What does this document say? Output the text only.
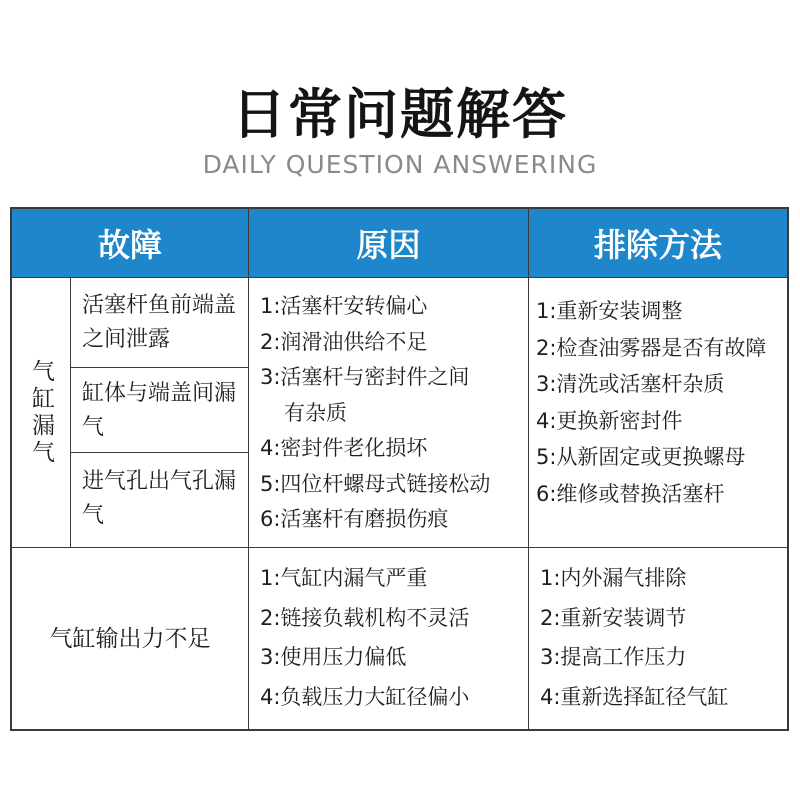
日常问题解答
DAILY QUESTION ANSWERING
故障	原因	排除方法
气缸漏气
活塞杆鱼前端盖之间泄露
缸体与端盖间漏气
进气孔出气孔漏气
1:活塞杆安转偏心
2:润滑油供给不足
3:活塞杆与密封件之间
有杂质
4:密封件老化损坏
5:四位杆螺母式链接松动
6:活塞杆有磨损伤痕
1:重新安装调整
2:检查油雾器是否有故障
3:清洗或活塞杆杂质
4:更换新密封件
5:从新固定或更换螺母
6:维修或替换活塞杆
气缸输出力不足
1:气缸内漏气严重
2:链接负载机构不灵活
3:使用压力偏低
4:负载压力大缸径偏小
1:内外漏气排除
2:重新安装调节
3:提高工作压力
4:重新选择缸径气缸
